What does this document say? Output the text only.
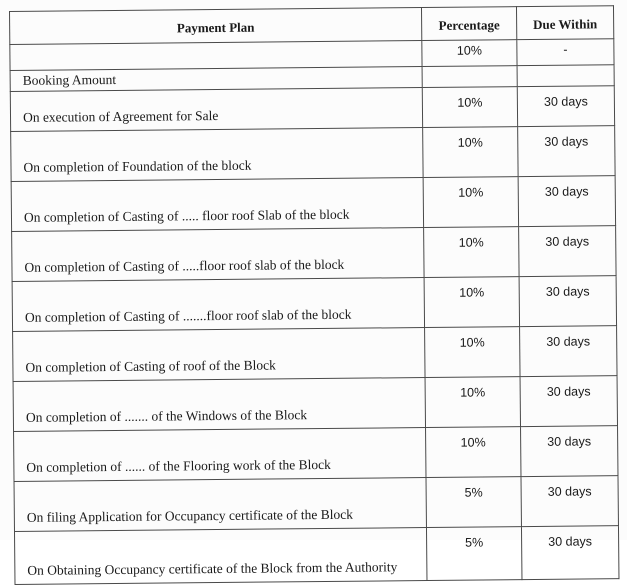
Payment Plan	Percentage	Due Within

	10%	-
Booking Amount		
On execution of Agreement for Sale	10%	30 days
On completion of Foundation of the block	10%	30 days
On completion of Casting of ..... floor roof Slab of the block	10%	30 days
On completion of Casting of .....floor roof slab of the block	10%	30 days
On completion of Casting of .......floor roof slab of the block	10%	30 days
On completion of Casting of roof of the Block	10%	30 days
On completion of ....... of the Windows of the Block	10%	30 days
On completion of ...... of the Flooring work of the Block	10%	30 days
On filing Application for Occupancy certificate of the Block	5%	30 days
On Obtaining Occupancy certificate of the Block from the Authority	5%	30 days
